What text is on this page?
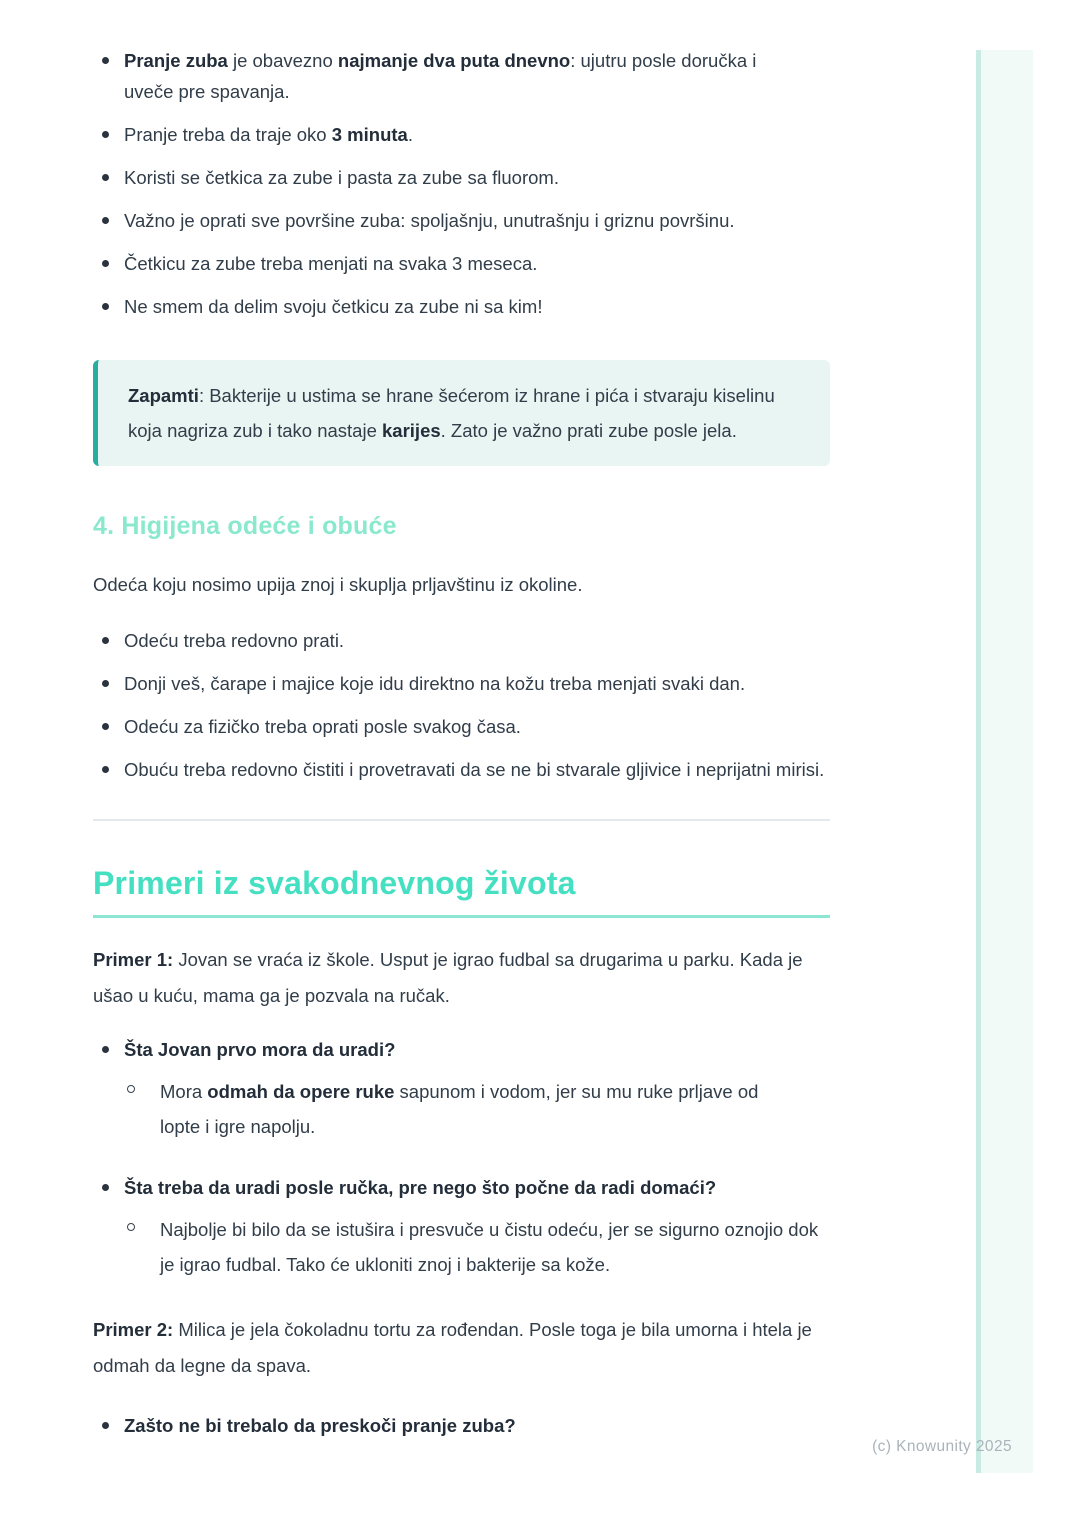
Pranje zuba je obavezno najmanje dva puta dnevno: ujutru posle doručka i uveče pre spavanja.
Pranje treba da traje oko 3 minuta.
Koristi se četkica za zube i pasta za zube sa fluorom.
Važno je oprati sve površine zuba: spoljašnju, unutrašnju i griznu površinu.
Četkicu za zube treba menjati na svaka 3 meseca.
Ne smem da delim svoju četkicu za zube ni sa kim!

Zapamti: Bakterije u ustima se hrane šećerom iz hrane i pića i stvaraju kiselinu koja nagriza zub i tako nastaje karijes. Zato je važno prati zube posle jela.

4. Higijena odeće i obuće

Odeća koju nosimo upija znoj i skuplja prljavštinu iz okoline.

Odeću treba redovno prati.
Donji veš, čarape i majice koje idu direktno na kožu treba menjati svaki dan.
Odeću za fizičko treba oprati posle svakog časa.
Obuću treba redovno čistiti i provetravati da se ne bi stvarale gljivice i neprijatni mirisi.
Primeri iz svakodnevnog života

Primer 1: Jovan se vraća iz škole. Usput je igrao fudbal sa drugarima u parku. Kada je ušao u kuću, mama ga je pozvala na ručak.

Šta Jovan prvo mora da uradi?
Mora odmah da opere ruke sapunom i vodom, jer su mu ruke prljave od lopte i igre napolju.
Šta treba da uradi posle ručka, pre nego što počne da radi domaći?
Najbolje bi bilo da se istušira i presvuče u čistu odeću, jer se sigurno oznojio dok je igrao fudbal. Tako će ukloniti znoj i bakterije sa kože.

Primer 2: Milica je jela čokoladnu tortu za rođendan. Posle toga je bila umorna i htela je odmah da legne da spava.

Zašto ne bi trebalo da preskoči pranje zuba?
(c) Knowunity 2025
